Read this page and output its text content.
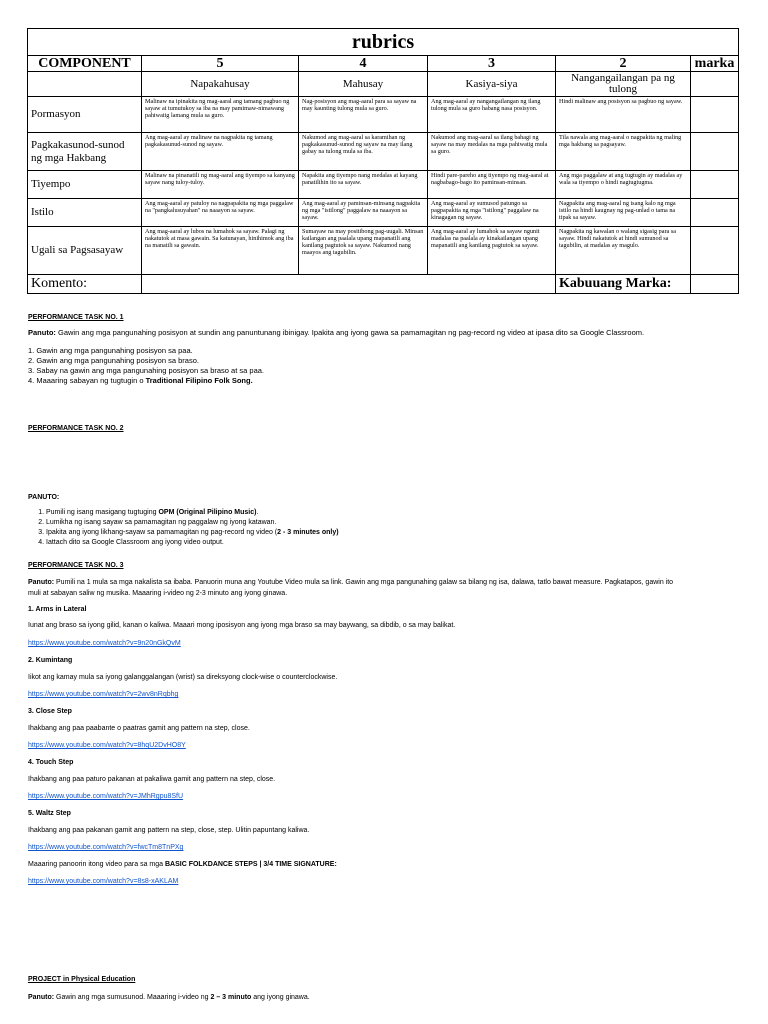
rubrics					
COMPONENT	5	4	3	2	marka
	Napakahusay	Mahusay	Kasiya-siya	Nangangailangan pa ng tulong	
Pormasyon	Malinaw na ipinakita ng mag-aaral ang tamang pagbuo ng sayaw at tumutukoy sa iba na may pamimaw-nimawang pahiwatig lamang mula sa guro.	Nag-posisyon ang mag-aaral para sa sayaw na may kaunting tulong mula sa guro.	Ang mag-aaral ay nangangailangan ng ilang tulong mula sa guro habang nasa posisyon.	Hindi malinaw ang posisyon sa pagbuo ng sayaw.	
Pagkakasunod-sunod ng mga Hakbang	Ang mag-aaral ay malinaw na nagpakita ng tamang pagkakasunud-sunod ng sayaw.	Nakumod ang mag-aaral sa karamihan ng pagkakasunud-sunod ng sayaw na may ilang gabay na tulong mula sa iba.	Nakumod ang mag-aaral sa ilang bahagi ng sayaw na may medalas na mga pahiwatig mula sa guro.	Tila nawala ang mag-aaral o nagpakita ng maling mga hakbang sa pagsayaw.	
Tiyempo	Malinaw na pinanatili ng mag-aaral ang tiyempo sa kanyang sayaw nang tuloy-tuloy.	Napakita ang tiyempo nang medalas at kayang panatilihin ito sa sayaw.	Hindi pare-pareho ang tiyempo ng mag-aaral at nagbabago-bago ito paminsan-minsan.	Ang mga paggalaw at ang tugtugin ay madalas ay wala sa tiyempo o hindi nagtugtugma.	
Istilo	Ang mag-aaral ay patuloy na nagpapakita ng mga paggalaw na "pangkalusuyahan" na naaayon sa sayaw.	Ang mag-aaral ay paminsan-minsang nagpakita ng mga "istilong" paggalaw na naaayon sa sayaw.	Ang mag-aaral ay sumusod patungo sa pagpapakita ng mga "istilong" paggalaw na kinagagan ng sayaw.	Nagpakita ang mag-aaral ng isang kalo ng mga istilo na hindi kaugnay ng pag-unlad o tama na tipak sa sayaw.	
Ugali sa Pagsasayaw	Ang mag-aaral ay lubos na lumahok sa sayaw. Palagi ng nakatutok at masa gawain. Sa katunayan, hinihimok ang iba na manatili sa gawain.	Sumayaw na may positibong pag-uugali. Minsan kailangan ang paalala upang mapanatili ang kanilang pagtutok sa sayaw. Nakumod nang maayos ang tagubilin.	Ang mag-aaral ay lumahok sa sayaw ngunit madalas na paalala ay kinakailangan upang mapanatili ang kanilang pagtutok sa sayaw.	Nagpakita ng kawalan o walang sigasig para sa sayaw. Hindi nakatutok at hindi sumunod sa tagubilin, at madalas ay magulo.	
Komento:				Kabuuang Marka:	
PERFORMANCE TASK NO. 1
Panuto: Gawin ang mga pangunahing posisyon at sundin ang panuntunang ibinigay. Ipakita ang iyong gawa sa pamamagitan ng pag-record ng video at ipasa dito sa Google Classroom.
1. Gawin ang mga pangunahing posisyon sa paa.
2. Gawin ang mga pangunahing posisyon sa braso.
3. Sabay na gawin ang mga pangunahing posisyon sa braso at sa paa.
4. Maaaring sabayan ng tugtugin o Traditional Filipino Folk Song.
PERFORMANCE TASK NO. 2
PANUTO:
1. Pumili ng isang masigang tugtuging OPM (Original Pilipino Music).
2. Lumikha ng isang sayaw sa pamamagitan ng paggalaw ng iyong katawan.
3. Ipakita ang iyong likhang-sayaw sa pamamagitan ng pag-record ng video (2 - 3 minutes only)
4. Iattach dito sa Google Classroom ang iyong video output.
PERFORMANCE TASK NO. 3
Panuto: Pumili na 1 mula sa mga nakalista sa ibaba. Panuorin muna ang Youtube Video mula sa link. Gawin ang mga pangunahing galaw sa bilang ng isa, dalawa, tatlo bawat measure. Pagkatapos, gawin ito
muli at sabayan saliw ng musika. Maaaring i-video ng 2-3 minuto ang iyong ginawa.
1. Arms in Lateral
Iunat ang braso sa iyong gilid, kanan o kaliwa. Maaari mong iposisyon ang iyong mga braso sa may baywang, sa dibdib, o sa may balikat.
https://www.youtube.com/watch?v=9n20nGkQvM
2. Kumintang
Iikot ang kamay mula sa iyong galanggalangan (wrist) sa direksyong clock-wise o counterclockwise.
https://www.youtube.com/watch?v=2wv8nRqbhg
3. Close Step
Ihakbang ang paa paabante o paatras gamit ang pattern na step, close.
https://www.youtube.com/watch?v=8hqU2DvHO8Y
4. Touch Step
Ihakbang ang paa paturo pakanan at pakaliwa gamit ang pattern na step, close.
https://www.youtube.com/watch?v=JMhRgpu8SfU
5. Waltz Step
Ihakbang ang paa pakanan gamit ang pattern na step, close, step. Ulitin papuntang kaliwa.
https://www.youtube.com/watch?v=fwcTm8TnPXg
Maaaring panoorin itong video para sa mga BASIC FOLKDANCE STEPS | 3/4 TIME SIGNATURE:
https://www.youtube.com/watch?v=8s8-xAKLAM
PROJECT in Physical Education
Panuto: Gawin ang mga sumusunod. Maaaring i-video ng 2 – 3 minuto ang iyong ginawa.
